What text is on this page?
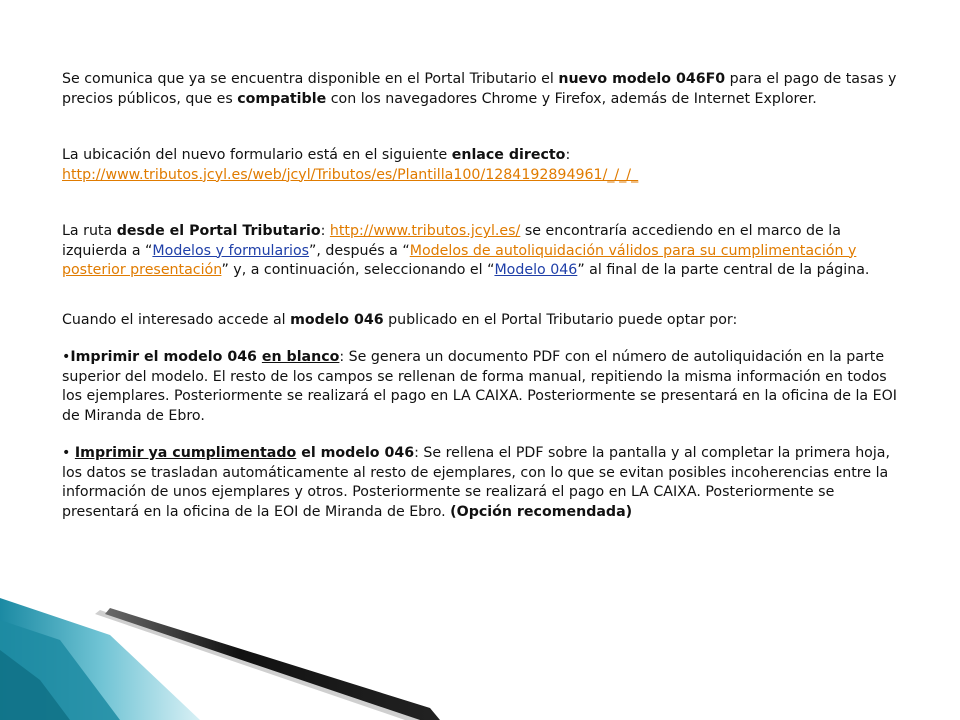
Se comunica que ya se encuentra disponible en el Portal Tributario el nuevo modelo 046F0 para el pago de tasas y precios públicos, que es compatible con los navegadores Chrome y Firefox, además de Internet Explorer.

La ubicación del nuevo formulario está en el siguiente enlace directo:
http://www.tributos.jcyl.es/web/jcyl/Tributos/es/Plantilla100/1284192894961/_/_/_

La ruta desde el Portal Tributario: http://www.tributos.jcyl.es/ se encontraría accediendo en el marco de la izquierda a “Modelos y formularios”, después a “Modelos de autoliquidación válidos para su cumplimentación y posterior presentación” y, a continuación, seleccionando el “Modelo 046” al final de la parte central de la página.

Cuando el interesado accede al modelo 046 publicado en el Portal Tributario puede optar por:

•Imprimir el modelo 046 en blanco: Se genera un documento PDF con el número de autoliquidación en la parte superior del modelo. El resto de los campos se rellenan de forma manual, repitiendo la misma información en todos los ejemplares. Posteriormente se realizará el pago en LA CAIXA. Posteriormente se presentará en la oficina de la EOI de Miranda de Ebro.

• Imprimir ya cumplimentado el modelo 046: Se rellena el PDF sobre la pantalla y al completar la primera hoja, los datos se trasladan automáticamente al resto de ejemplares, con lo que se evitan posibles incoherencias entre la información de unos ejemplares y otros. Posteriormente se realizará el pago en LA CAIXA. Posteriormente se presentará en la oficina de la EOI de Miranda de Ebro. (Opción recomendada)
